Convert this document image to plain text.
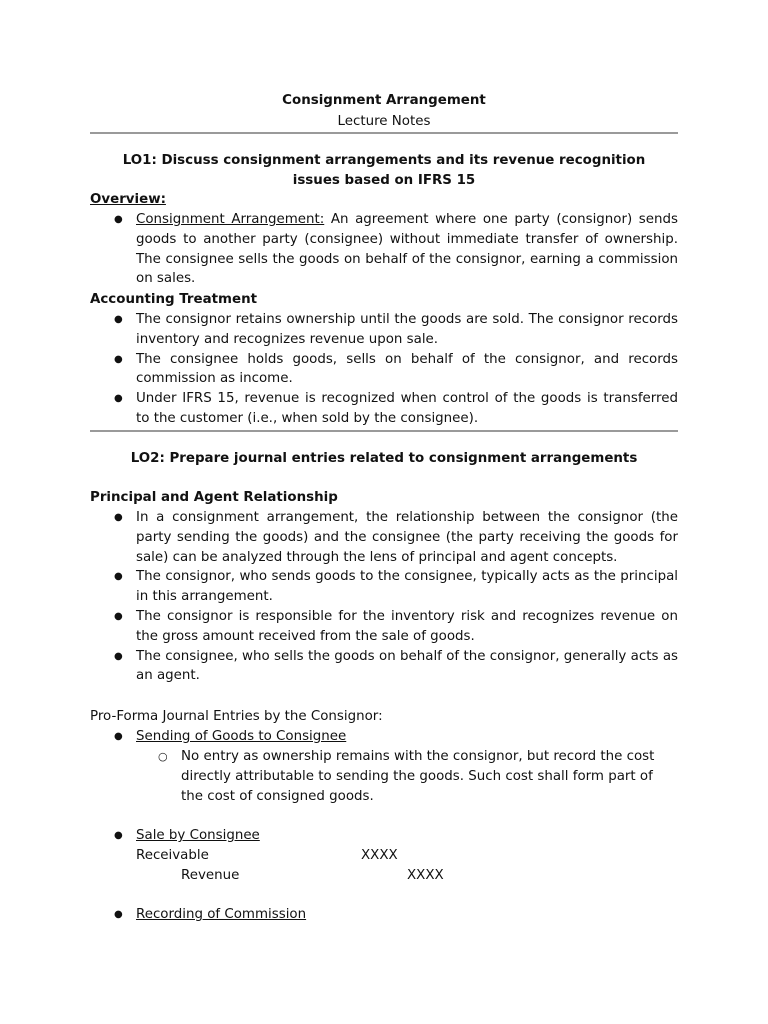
Consignment Arrangement
Lecture Notes
LO1: Discuss consignment arrangements and its revenue recognition
issues based on IFRS 15
Overview:
● Consignment Arrangement: An agreement where one party (consignor) sends goods to another party (consignee) without immediate transfer of ownership. The consignee sells the goods on behalf of the consignor, earning a commission on sales.
Accounting Treatment
● The consignor retains ownership until the goods are sold. The consignor records inventory and recognizes revenue upon sale.
● The consignee holds goods, sells on behalf of the consignor, and records commission as income.
● Under IFRS 15, revenue is recognized when control of the goods is transferred to the customer (i.e., when sold by the consignee).
LO2: Prepare journal entries related to consignment arrangements
Principal and Agent Relationship
● In a consignment arrangement, the relationship between the consignor (the party sending the goods) and the consignee (the party receiving the goods for sale) can be analyzed through the lens of principal and agent concepts.
● The consignor, who sends goods to the consignee, typically acts as the principal in this arrangement.
● The consignor is responsible for the inventory risk and recognizes revenue on the gross amount received from the sale of goods.
● The consignee, who sells the goods on behalf of the consignor, generally acts as an agent.
Pro-Forma Journal Entries by the Consignor:
● Sending of Goods to Consignee
○ No entry as ownership remains with the consignor, but record the cost directly attributable to sending the goods. Such cost shall form part of the cost of consigned goods.
● Sale by Consignee
Receivable	XXXX
Revenue	XXXX
● Recording of Commission
